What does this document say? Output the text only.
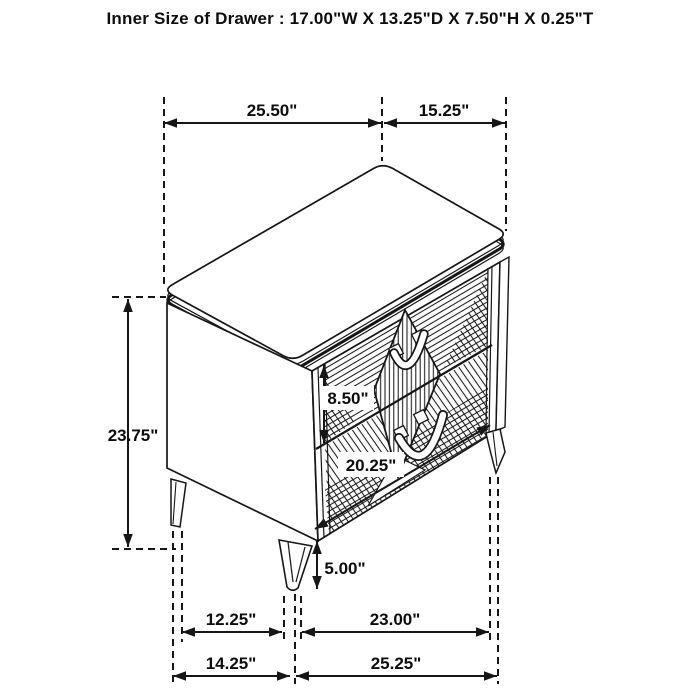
Inner Size of Drawer : 17.00"W X 13.25"D X 7.50"H X 0.25"T
25.50"	15.25"
23.75"
8.50"
20.25"
5.00"
12.25"	23.00"
14.25"	25.25"
